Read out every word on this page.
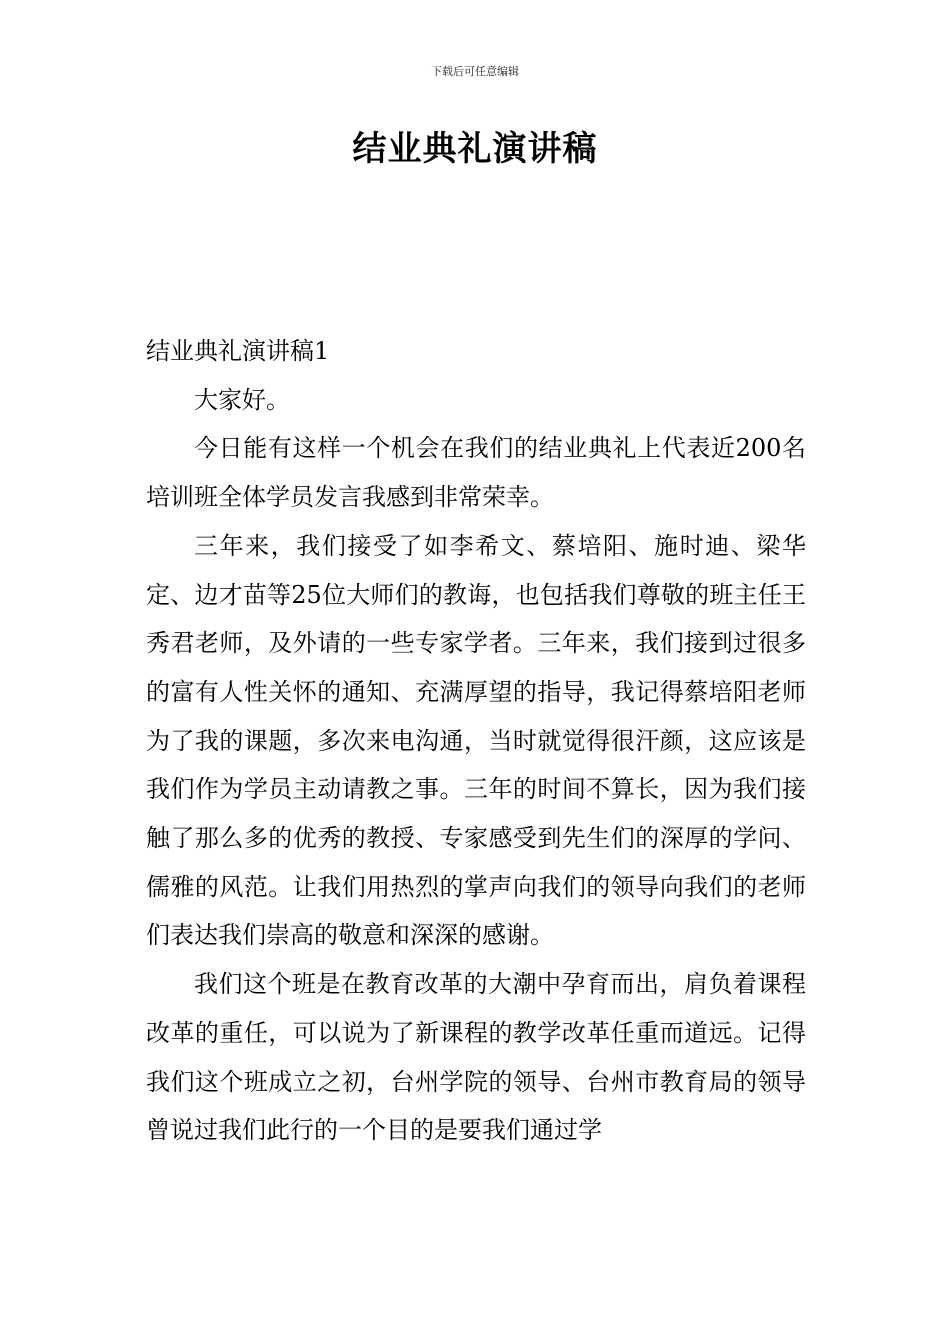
下载后可任意编辑
结业典礼演讲稿

结业典礼演讲稿1

大家好。

今日能有这样一个机会在我们的结业典礼上代表近200名培训班全体学员发言我感到非常荣幸。

三年来，我们接受了如李希文、蔡培阳、施时迪、梁华定、边才苗等25位大师们的教诲，也包括我们尊敬的班主任王秀君老师，及外请的一些专家学者。三年来，我们接到过很多的富有人性关怀的通知、充满厚望的指导，我记得蔡培阳老师为了我的课题，多次来电沟通，当时就觉得很汗颜，这应该是我们作为学员主动请教之事。三年的时间不算长，因为我们接触了那么多的优秀的教授、专家感受到先生们的深厚的学问、儒雅的风范。让我们用热烈的掌声向我们的领导向我们的老师们表达我们崇高的敬意和深深的感谢。

我们这个班是在教育改革的大潮中孕育而出，肩负着课程改革的重任，可以说为了新课程的教学改革任重而道远。记得我们这个班成立之初，台州学院的领导、台州市教育局的领导曾说过我们此行的一个目的是要我们通过学
